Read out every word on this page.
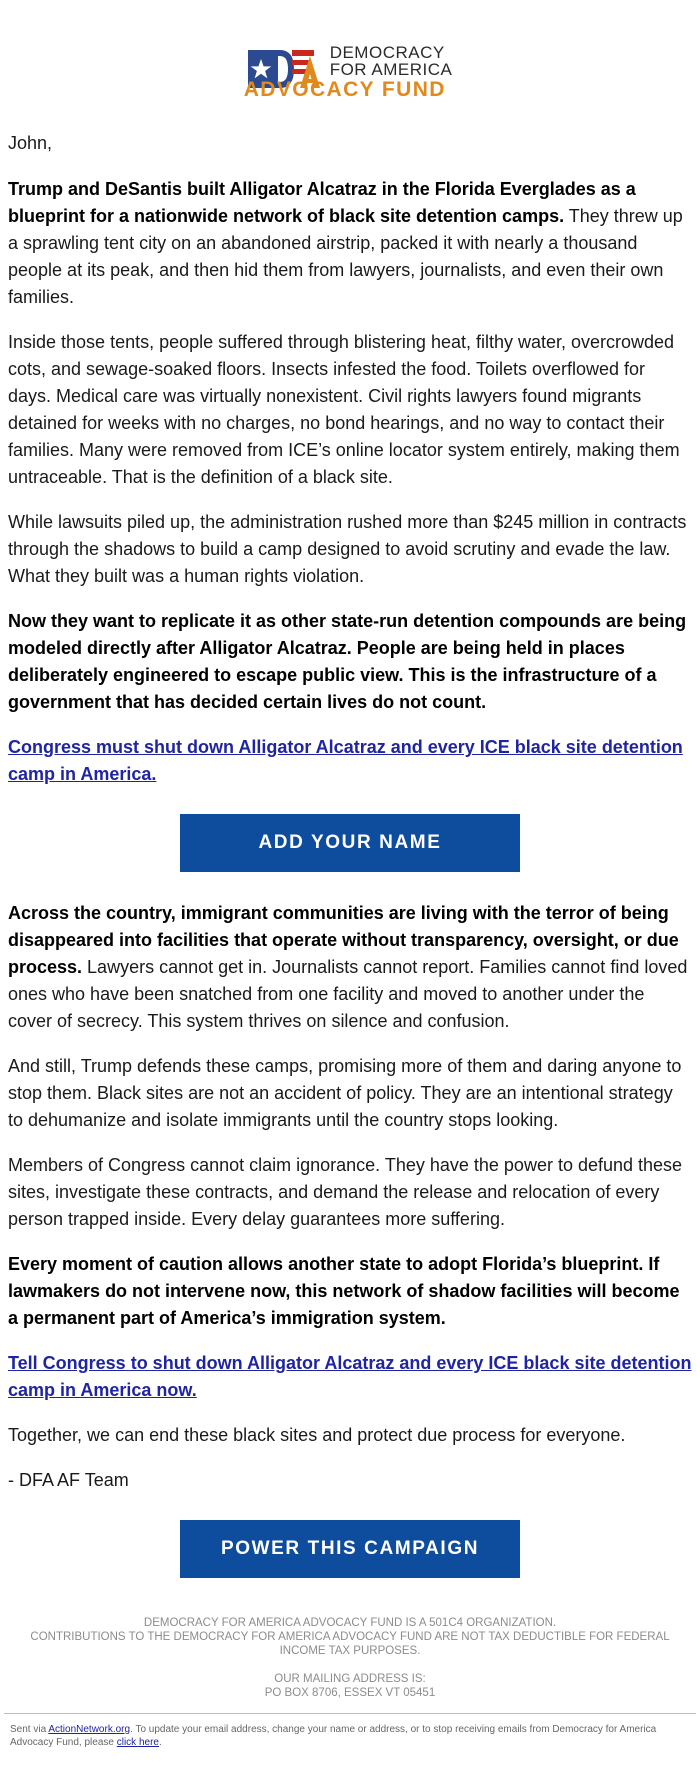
DEMOCRACY
FOR AMERICA
ADVOCACY FUND

John,

Trump and DeSantis built Alligator Alcatraz in the Florida Everglades as a blueprint for a nationwide network of black site detention camps. They threw up a sprawling tent city on an abandoned airstrip, packed it with nearly a thousand people at its peak, and then hid them from lawyers, journalists, and even their own families.

Inside those tents, people suffered through blistering heat, filthy water, overcrowded cots, and sewage-soaked floors. Insects infested the food. Toilets overflowed for days. Medical care was virtually nonexistent. Civil rights lawyers found migrants detained for weeks with no charges, no bond hearings, and no way to contact their families. Many were removed from ICE’s online locator system entirely, making them untraceable. That is the definition of a black site.

While lawsuits piled up, the administration rushed more than $245 million in contracts through the shadows to build a camp designed to avoid scrutiny and evade the law. What they built was a human rights violation.

Now they want to replicate it as other state-run detention compounds are being modeled directly after Alligator Alcatraz. People are being held in places deliberately engineered to escape public view. This is the infrastructure of a government that has decided certain lives do not count.

Congress must shut down Alligator Alcatraz and every ICE black site detention camp in America.

ADD YOUR NAME

Across the country, immigrant communities are living with the terror of being disappeared into facilities that operate without transparency, oversight, or due process. Lawyers cannot get in. Journalists cannot report. Families cannot find loved ones who have been snatched from one facility and moved to another under the cover of secrecy. This system thrives on silence and confusion.

And still, Trump defends these camps, promising more of them and daring anyone to stop them. Black sites are not an accident of policy. They are an intentional strategy to dehumanize and isolate immigrants until the country stops looking.

Members of Congress cannot claim ignorance. They have the power to defund these sites, investigate these contracts, and demand the release and relocation of every person trapped inside. Every delay guarantees more suffering.

Every moment of caution allows another state to adopt Florida’s blueprint. If lawmakers do not intervene now, this network of shadow facilities will become a permanent part of America’s immigration system.

Tell Congress to shut down Alligator Alcatraz and every ICE black site detention camp in America now.

Together, we can end these black sites and protect due process for everyone.

- DFA AF Team

POWER THIS CAMPAIGN
DEMOCRACY FOR AMERICA ADVOCACY FUND IS A 501C4 ORGANIZATION.
CONTRIBUTIONS TO THE DEMOCRACY FOR AMERICA ADVOCACY FUND ARE NOT TAX DEDUCTIBLE FOR FEDERAL INCOME TAX PURPOSES.
OUR MAILING ADDRESS IS:
PO BOX 8706, ESSEX VT 05451
Sent via ActionNetwork.org. To update your email address, change your name or address, or to stop receiving emails from Democracy for America Advocacy Fund, please click here.
